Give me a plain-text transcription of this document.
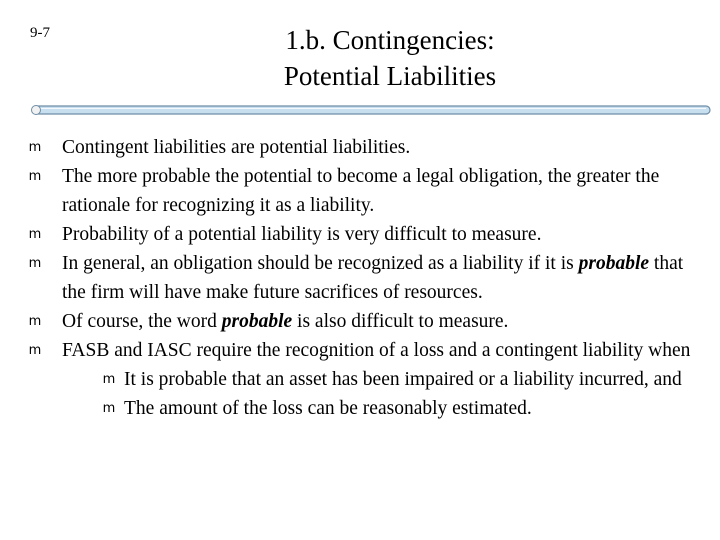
9-7	1.b. Contingencies:
Potential Liabilities
m Contingent liabilities are potential liabilities.
m The more probable the potential to become a legal obligation, the greater the rationale for recognizing it as a liability.
m Probability of a potential liability is very difficult to measure.
m In general, an obligation should be recognized as a liability if it is probable that the firm will have make future sacrifices of resources.
m Of course, the word probable is also difficult to measure.
m FASB and IASC require the recognition of a loss and a contingent liability when
m It is probable that an asset has been impaired or a liability incurred, and
m The amount of the loss can be reasonably estimated.
